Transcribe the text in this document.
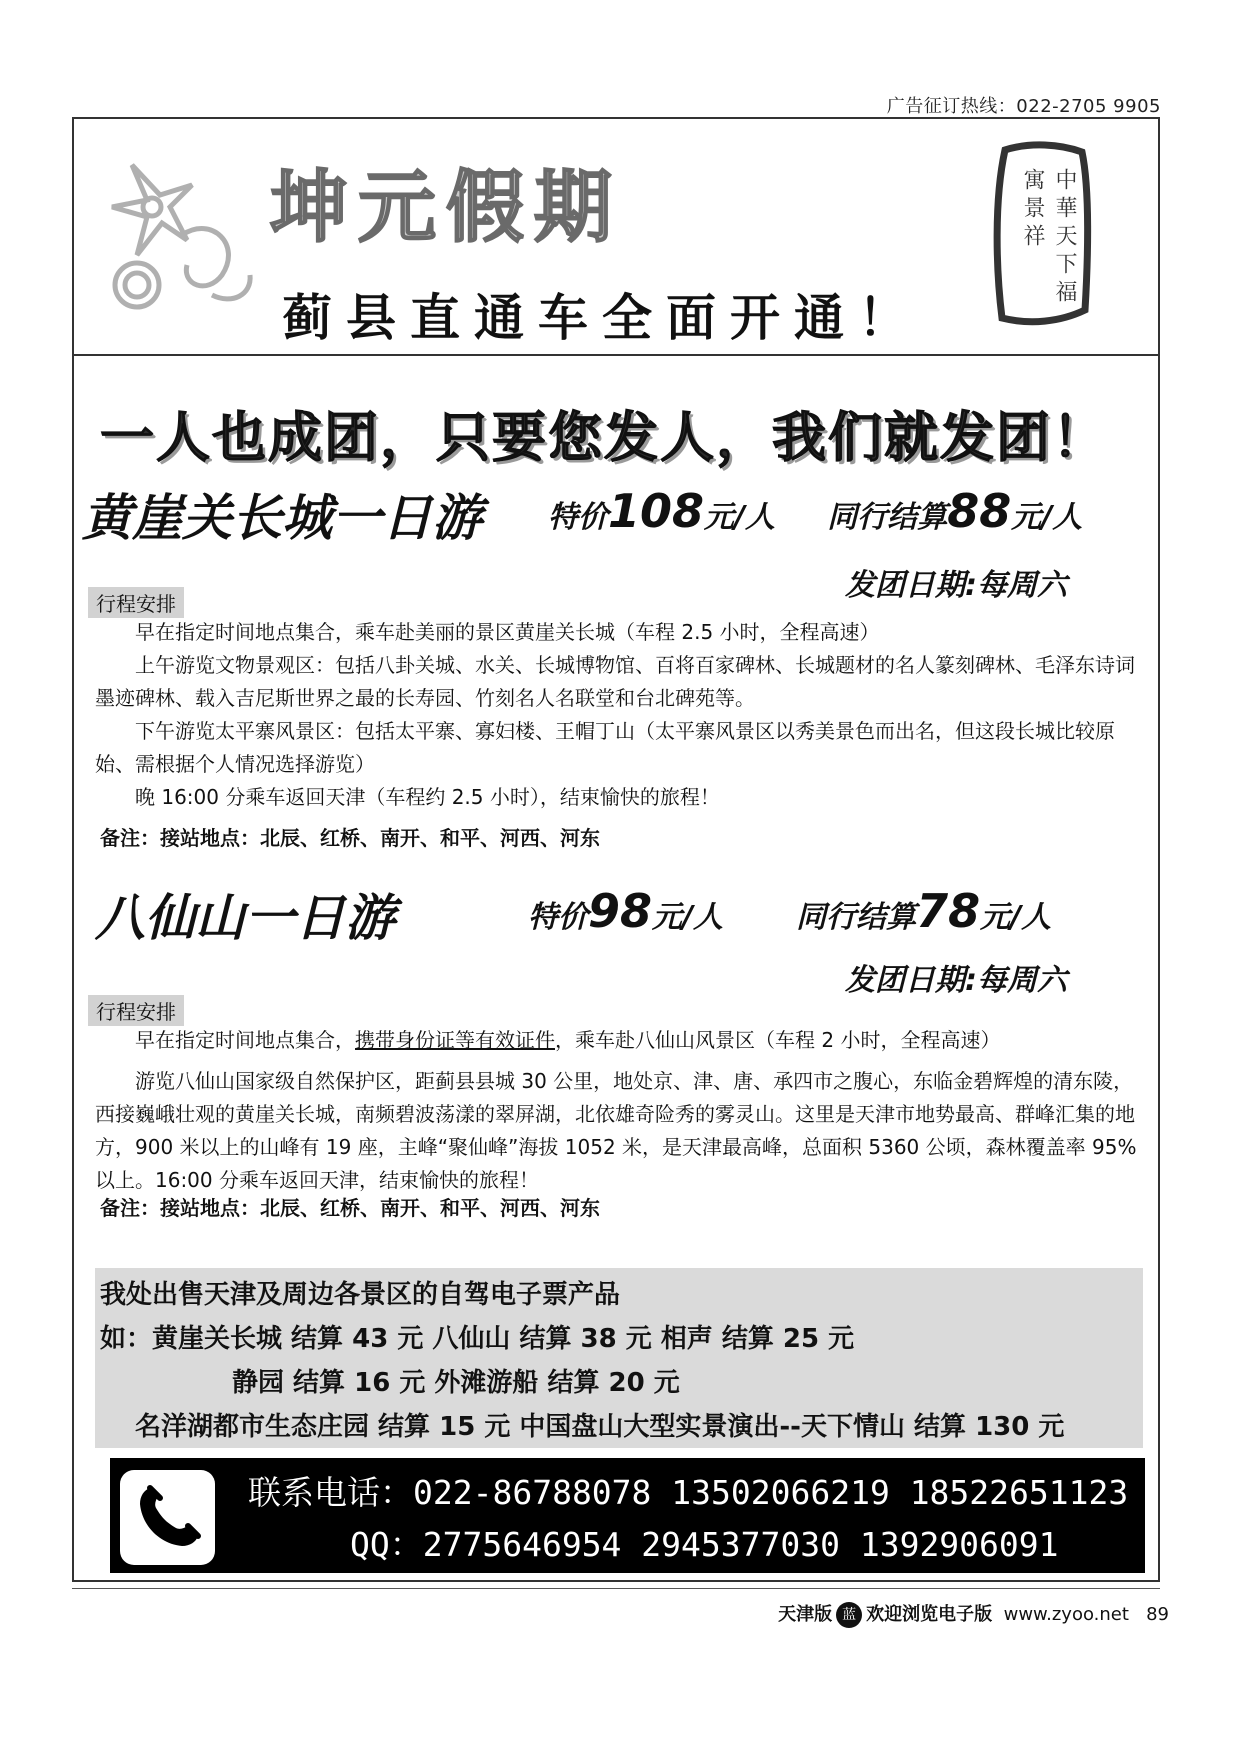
广告征订热线：022-2705 9905
坤元假期
蓟县直通车全面开通！
中華天下福寓景祥
一人也成团，只要您发人，我们就发团！
黄崖关长城一日游 特价108元/人 同行结算88元/人
发团日期:每周六
行程安排
早在指定时间地点集合，乘车赴美丽的景区黄崖关长城（车程 2.5 小时，全程高速）
上午游览文物景观区：包括八卦关城、水关、长城博物馆、百将百家碑林、长城题材的名人篆刻碑林、毛泽东诗词墨迹碑林、载入吉尼斯世界之最的长寿园、竹刻名人名联堂和台北碑苑等。
下午游览太平寨风景区：包括太平寨、寡妇楼、王帽丁山（太平寨风景区以秀美景色而出名，但这段长城比较原始、需根据个人情况选择游览）
晚 16:00 分乘车返回天津（车程约 2.5 小时），结束愉快的旅程！
备注：接站地点：北辰、红桥、南开、和平、河西、河东
八仙山一日游	特价98元/人 同行结算78元/人
发团日期:每周六
行程安排
早在指定时间地点集合，携带身份证等有效证件，乘车赴八仙山风景区（车程 2 小时，全程高速）
游览八仙山国家级自然保护区，距蓟县县城 30 公里，地处京、津、唐、承四市之腹心，东临金碧辉煌的清东陵，西接巍峨壮观的黄崖关长城，南频碧波荡漾的翠屏湖，北依雄奇险秀的雾灵山。这里是天津市地势最高、群峰汇集的地方，900 米以上的山峰有 19 座，主峰“聚仙峰”海拔 1052 米，是天津最高峰，总面积 5360 公顷，森林覆盖率 95%以上。16:00 分乘车返回天津，结束愉快的旅程！
备注：接站地点：北辰、红桥、南开、和平、河西、河东
我处出售天津及周边各景区的自驾电子票产品
如：黄崖关长城 结算 43 元 八仙山 结算 38 元 相声 结算 25 元
静园 结算 16 元 外滩游船 结算 20 元
名洋湖都市生态庄园 结算 15 元 中国盘山大型实景演出--天下情山 结算 130 元
联系电话：022-86788078 13502066219 18522651123
QQ：2775646954 2945377030 1392906091
天津版 蓝 欢迎浏览电子版 www.zyoo.net 89
